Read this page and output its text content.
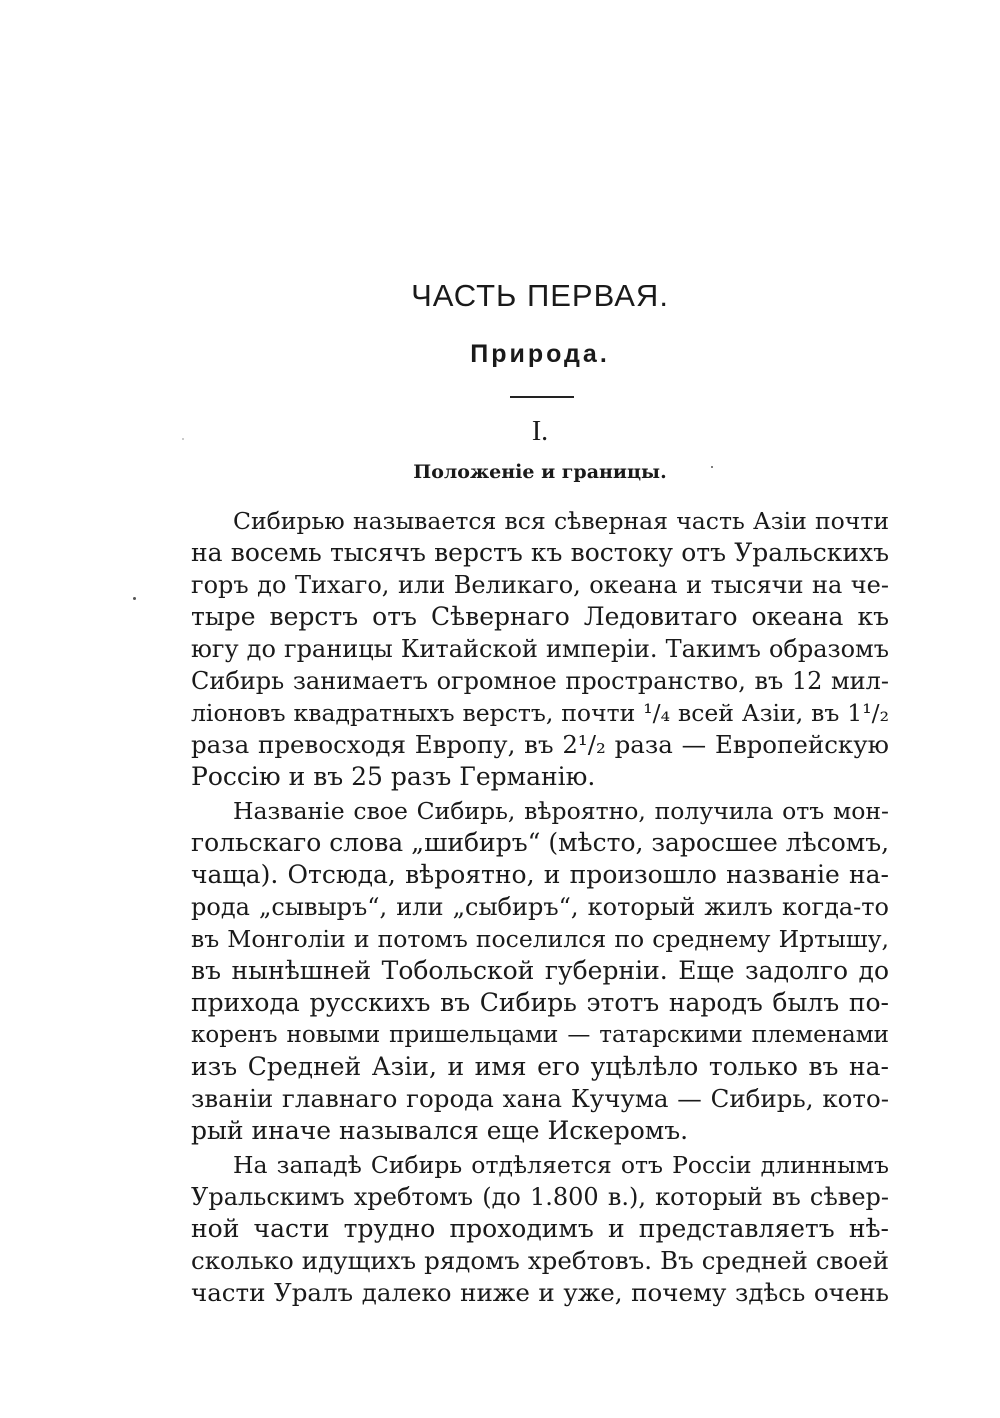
ЧАСТЬ ПЕРВАЯ.
Природа.
I.
Положеніе и границы.
Сибирью называется вся сѣверная часть Азіи почти
на восемь тысячъ верстъ къ востоку отъ Уральскихъ
горъ до Тихаго, или Великаго, океана и тысячи на че-
тыре верстъ отъ Сѣвернаго Ледовитаго океана къ
югу до границы Китайской имперіи. Такимъ образомъ
Сибирь занимаетъ огромное пространство, въ 12 мил-
ліоновъ квадратныхъ верстъ, почти ¹/₄ всей Азіи, въ 1¹/₂
раза превосходя Европу, въ 2¹/₂ раза — Европейскую
Россію и въ 25 разъ Германію.
Названіе свое Сибирь, вѣроятно, получила отъ мон-
гольскаго слова „шибиръ“ (мѣсто, заросшее лѣсомъ,
чаща). Отсюда, вѣроятно, и произошло названіе на-
рода „сывыръ“, или „сыбиръ“, который жилъ когда-то
въ Монголіи и потомъ поселился по среднему Иртышу,
въ нынѣшней Тобольской губерніи. Еще задолго до
прихода русскихъ въ Сибирь этотъ народъ былъ по-
коренъ новыми пришельцами — татарскими племенами
изъ Средней Азіи, и имя его уцѣлѣло только въ на-
званіи главнаго города хана Кучума — Сибирь, кото-
рый иначе назывался еще Искеромъ.
На западѣ Сибирь отдѣляется отъ Россіи длиннымъ
Уральскимъ хребтомъ (до 1.800 в.), который въ сѣвер-
ной части трудно проходимъ и представляетъ нѣ-
сколько идущихъ рядомъ хребтовъ. Въ средней своей
части Уралъ далеко ниже и уже, почему здѣсь очень
